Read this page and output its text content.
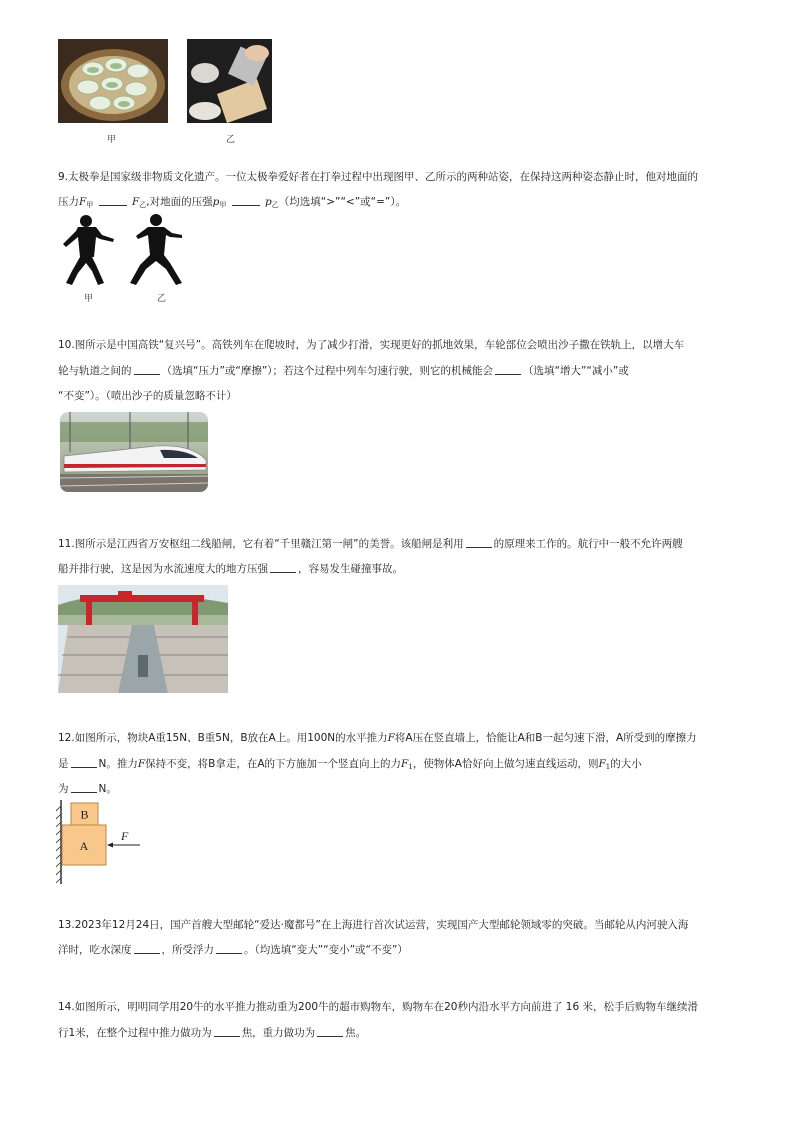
甲	乙
9.太极拳是国家级非物质文化遗产。一位太极拳爱好者在打拳过程中出现图甲、乙所示的两种站姿，在保持这两种姿态静止时，他对地面的
压力$F_甲$	$F_乙$,对地面的压强$p_甲$	$p_乙$（均选填“>”“<”或“=”）。
甲	乙
10.图所示是中国高铁“复兴号”。高铁列车在爬坡时，为了减少打滑，实现更好的抓地效果，车轮部位会喷出沙子撒在铁轨上，以增大车
轮与轨道之间的	（选填“压力”或“摩擦”）；若这个过程中列车匀速行驶，则它的机械能会	（选填“增大”“减小”或
“不变”）。（喷出沙子的质量忽略不计）
11.图所示是江西省万安枢纽二线船闸，它有着“千里赣江第一闸”的美誉。该船闸是利用	的原理来工作的。航行中一般不允许两艘
船并排行驶，这是因为水流速度大的地方压强	，容易发生碰撞事故。
12.如图所示，物块A重15N、B重5N，B放在A上。用100N的水平推力F将A压在竖直墙上，恰能让A和B一起匀速下滑，A所受到的摩擦力
是	N。推力F保持不变，将B拿走，在A的下方施加一个竖直向上的力$F_1$，使物体A恰好向上做匀速直线运动，则$F_1$的大小
为	N。
B
A
F
13.2023年12月24日，国产首艘大型邮轮“爱达·魔都号”在上海进行首次试运营，实现国产大型邮轮领域零的突破。当邮轮从内河驶入海
洋时，吃水深度	，所受浮力	。（均选填“变大”“变小”或“不变”）
14.如图所示，明明同学用20牛的水平推力推动重为200牛的超市购物车，购物车在20秒内沿水平方向前进了 16 米，松手后购物车继续滑
行1米，在整个过程中推力做功为	焦，重力做功为	焦。
